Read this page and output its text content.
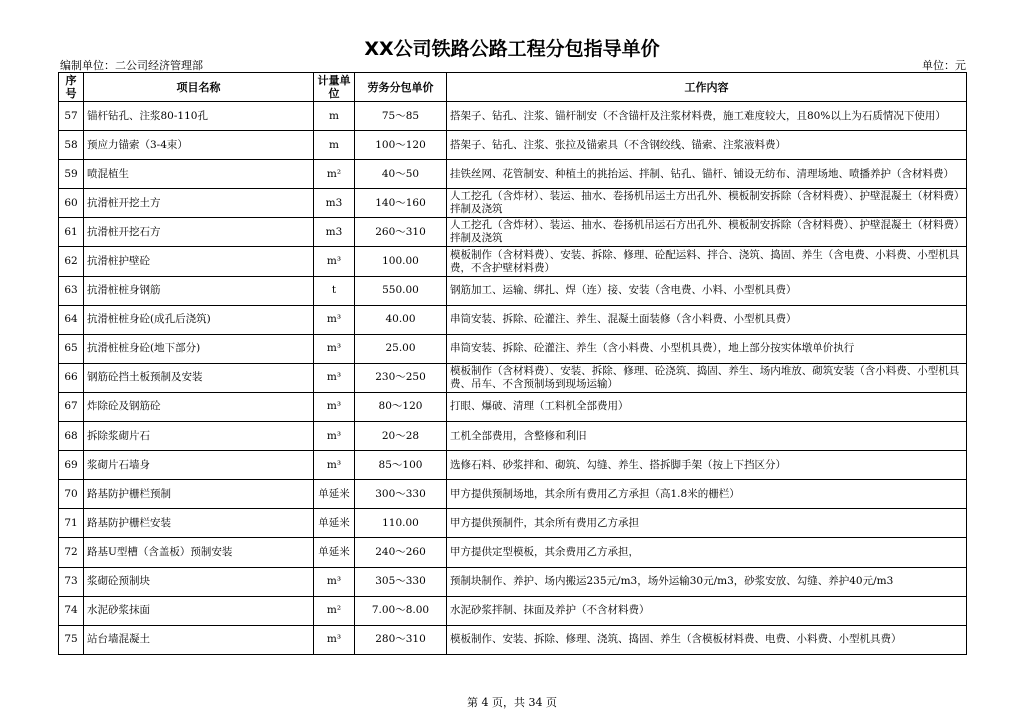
XX公司铁路公路工程分包指导单价
编制单位：二公司经济管理部	单位：元
序号	项目名称	计量单位	劳务分包单价	工作内容
57	锚杆钻孔、注浆80-110孔	m	75～85	搭架子、钻孔、注浆、锚杆制安（不含锚杆及注浆材料费，施工难度较大，且80%以上为石质情况下使用）
58	预应力锚索（3-4束）	m	100～120	搭架子、钻孔、注浆、张拉及锚索具（不含钢绞线、锚索、注浆液料费）
59	喷混植生	m²	40～50	挂铁丝网、花管制安、种植土的挑抬运、拌制、钻孔、锚杆、铺设无纺布、清理场地、喷播养护（含材料费）
60	抗滑桩开挖土方	m3	140～160	人工挖孔（含炸材）、装运、抽水、卷扬机吊运土方出孔外、模板制安拆除（含材料费）、护壁混凝土（材料费）拌制及浇筑
61	抗滑桩开挖石方	m3	260～310	人工挖孔（含炸材）、装运、抽水、卷扬机吊运石方出孔外、模板制安拆除（含材料费）、护壁混凝土（材料费）拌制及浇筑
62	抗滑桩护壁砼	m³	100.00	模板制作（含材料费）、安装、拆除、修理、砼配运料、拌合、浇筑、捣固、养生（含电费、小料费、小型机具费，不含护壁材料费）
63	抗滑桩桩身钢筋	t	550.00	钢筋加工、运输、绑扎、焊（连）接、安装（含电费、小料、小型机具费）
64	抗滑桩桩身砼(成孔后浇筑)	m³	40.00	串筒安装、拆除、砼灌注、养生、混凝土面装修（含小料费、小型机具费）
65	抗滑桩桩身砼(地下部分)	m³	25.00	串筒安装、拆除、砼灌注、养生（含小料费、小型机具费），地上部分按实体墩单价执行
66	钢筋砼挡土板预制及安装	m³	230～250	模板制作（含材料费）、安装、拆除、修理、砼浇筑、捣固、养生、场内堆放、砌筑安装（含小料费、小型机具费、吊车、不含预制场到现场运输）
67	炸除砼及钢筋砼	m³	80～120	打眼、爆破、清理（工料机全部费用）
68	拆除浆砌片石	m³	20～28	工机全部费用，含整修和利旧
69	浆砌片石墙身	m³	85～100	选修石料、砂浆拌和、砌筑、勾缝、养生、搭拆脚手架（按上下挡区分）
70	路基防护栅栏预制	单延米	300～330	甲方提供预制场地，其余所有费用乙方承担（高1.8米的栅栏）
71	路基防护栅栏安装	单延米	110.00	甲方提供预制件，其余所有费用乙方承担
72	路基U型槽（含盖板）预制安装	单延米	240～260	甲方提供定型模板，其余费用乙方承担，
73	浆砌砼预制块	m³	305～330	预制块制作、养护、场内搬运235元/m3，场外运输30元/m3，砂浆安放、勾缝、养护40元/m3
74	水泥砂浆抹面	m²	7.00～8.00	水泥砂浆拌制、抹面及养护（不含材料费）
75	站台墙混凝土	m³	280～310	模板制作、安装、拆除、修理、浇筑、捣固、养生（含模板材料费、电费、小料费、小型机具费）
第 4 页，共 34 页
